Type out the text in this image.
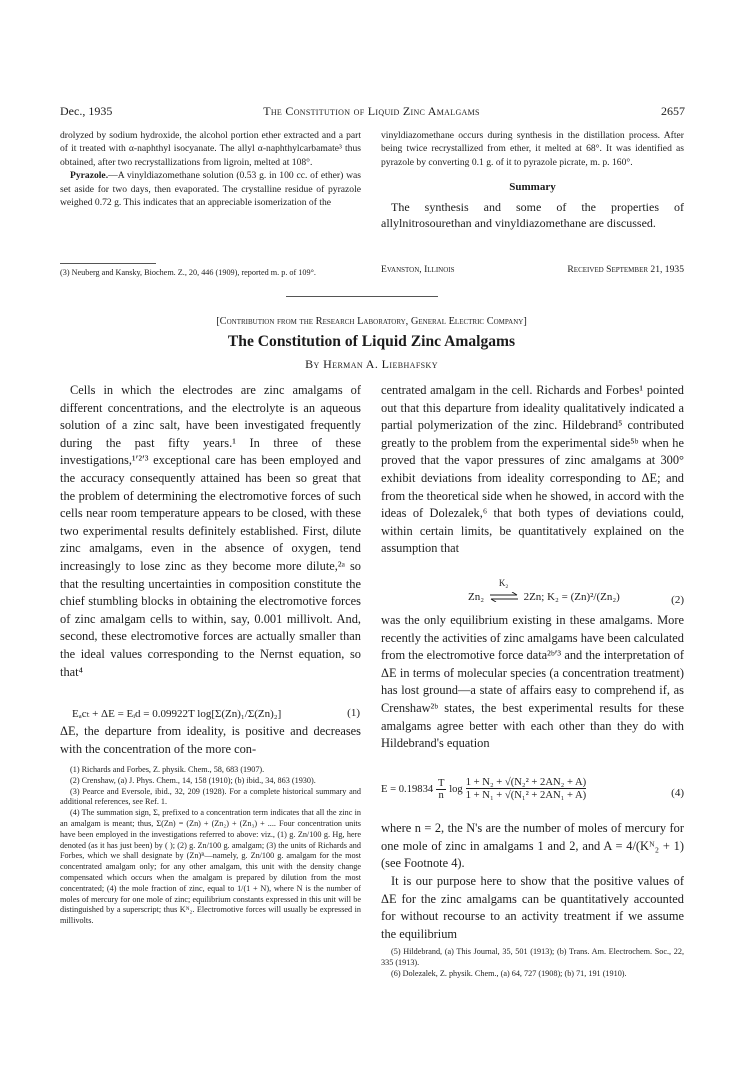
Dec., 1935	The Constitution of Liquid Zinc Amalgams	2657

drolyzed by sodium hydroxide, the alcohol portion ether extracted and a part of it treated with α-naphthyl isocyanate. The allyl α-naphthylcarbamate³ thus obtained, after two recrystallizations from ligroin, melted at 108°.

Pyrazole.—A vinyldiazomethane solution (0.53 g. in 100 cc. of ether) was set aside for two days, then evaporated. The crystalline residue of pyrazole weighed 0.72 g. This indicates that an appreciable isomerization of the

(3) Neuberg and Kansky, Biochem. Z., 20, 446 (1909), reported m. p. of 109°.
vinyldiazomethane occurs during synthesis in the distillation process. After being twice recrystallized from ether, it melted at 68°. It was identified as pyrazole by converting 0.1 g. of it to pyrazole picrate, m. p. 160°.
Summary
The synthesis and some of the properties of allylnitrosourethan and vinyldiazomethane are discussed.
Evanston, Illinois	Received September 21, 1935
[Contribution from the Research Laboratory, General Electric Company]
The Constitution of Liquid Zinc Amalgams
By Herman A. Liebhafsky
Cells in which the electrodes are zinc amalgams of different concentrations, and the electrolyte is an aqueous solution of a zinc salt, have been investigated frequently during the past fifty years.¹ In three of these investigations,¹′²′³ exceptional care has been employed and the accuracy consequently attained has been so great that the problem of determining the electromotive forces of such cells near room temperature appears to be closed, with these two experimental results definitely established. First, dilute zinc amalgams, even in the absence of oxygen, tend increasingly to lose zinc as they become more dilute,²ᵃ so that the resulting uncertainties in composition constitute the chief stumbling blocks in obtaining the electromotive forces of zinc amalgam cells to within, say, 0.001 millivolt. And, second, these electromotive forces are actually smaller than the ideal values corresponding to the Nernst equation, so that⁴
Eₐcₜ + ΔE = Eᵢd = 0.09922T log[Σ(Zn)₁/Σ(Zn)₂]	(1)
ΔE, the departure from ideality, is positive and decreases with the concentration of the more con-

(1) Richards and Forbes, Z. physik. Chem., 58, 683 (1907).

(2) Crenshaw, (a) J. Phys. Chem., 14, 158 (1910); (b) ibid., 34, 863 (1930).

(3) Pearce and Eversole, ibid., 32, 209 (1928). For a complete historical summary and additional references, see Ref. 1.

(4) The summation sign, Σ, prefixed to a concentration term indicates that all the zinc in an amalgam is meant; thus, Σ(Zn) = (Zn) + (Zn₂) + (Zn₃) + .... Four concentration units have been employed in the investigations referred to above: viz., (1) g. Zn/100 g. Hg, here denoted (as it has just been) by ( ); (2) g. Zn/100 g. amalgam; (3) the units of Richards and Forbes, which we shall designate by (Zn)ᴿ—namely, g. Zn/100 g. amalgam for the most concentrated amalgam only; for any other amalgam, this unit with the density change compensated which occurs when the amalgam is prepared by dilution from the most concentrated; (4) the mole fraction of zinc, equal to 1/(1 + N), where N is the number of moles of mercury for one mole of zinc; equilibrium constants expressed in this unit will be distinguished by a superscript; thus Kᴺ₂. Electromotive forces will usually be expressed in millivolts.

centrated amalgam in the cell. Richards and Forbes¹ pointed out that this departure from ideality qualitatively indicated a partial polymerization of the zinc. Hildebrand⁵ contributed greatly to the problem from the experimental side⁵ᵇ when he proved that the vapor pressures of zinc amalgams at 300° exhibit deviations from ideality corresponding to ΔE; and from the theoretical side when he showed, in accord with the ideas of Dolezalek,⁶ that both types of deviations could, within certain limits, be quantitatively explained on the assumption that
Zn₂
K₂
2Zn; K₂ = (Zn)²/(Zn₂)	(2)
was the only equilibrium existing in these amalgams. More recently the activities of zinc amalgams have been calculated from the electromotive force data²ᵇ′³ and the interpretation of ΔE in terms of molecular species (a concentration treatment) has lost ground—a state of affairs easy to comprehend if, as Crenshaw²ᵇ states, the best experimental results for these amalgams agree better with each other than they do with Hildebrand's equation
E = 0.19834
T
n
$\log \frac{\text{1 + N₂ + √(N₂² + 2AN₂ + A)}}{\text{1 + N₁ + √(N₁² + 2AN₁ + A)}}$	(4)
where n = 2, the N's are the number of moles of mercury for one mole of zinc in amalgams 1 and 2, and A = 4/(Kᴺ₂ + 1)(see Footnote 4).
It is our purpose here to show that the positive values of ΔE for the zinc amalgams can be quantitatively accounted for without recourse to an activity treatment if we assume the equilibrium

(5) Hildebrand, (a) This Journal, 35, 501 (1913); (b) Trans. Am. Electrochem. Soc., 22, 335 (1913).

(6) Dolezalek, Z. physik. Chem., (a) 64, 727 (1908); (b) 71, 191 (1910).
